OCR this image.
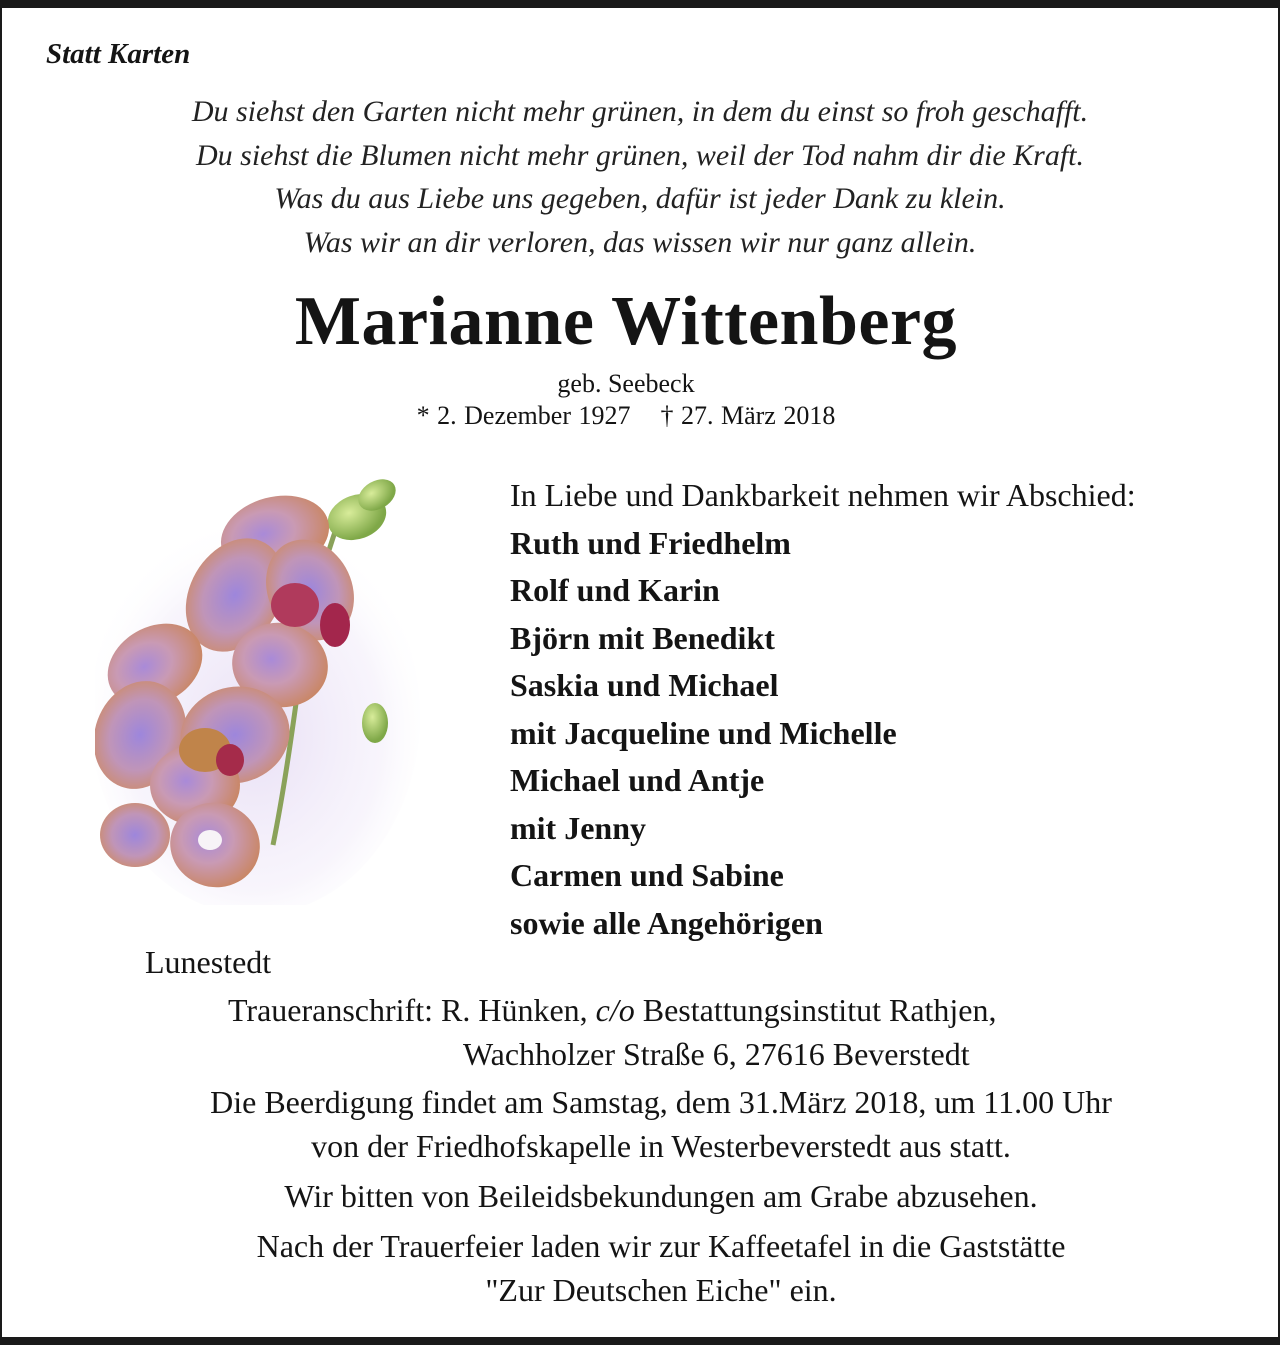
Statt Karten
Du siehst den Garten nicht mehr grünen, in dem du einst so froh geschafft.
Du siehst die Blumen nicht mehr grünen, weil der Tod nahm dir die Kraft.
Was du aus Liebe uns gegeben, dafür ist jeder Dank zu klein.
Was wir an dir verloren, das wissen wir nur ganz allein.
Marianne Wittenberg
geb. Seebeck
* 2. Dezember 1927 † 27. März 2018
In Liebe und Dankbarkeit nehmen wir Abschied:
Ruth und Friedhelm
Rolf und Karin
Björn mit Benedikt
Saskia und Michael
mit Jacqueline und Michelle
Michael und Antje
mit Jenny
Carmen und Sabine
sowie alle Angehörigen
Lunestedt
Traueranschrift: R. Hünken, c/o Bestattungsinstitut Rathjen,
Wachholzer Straße 6, 27616 Beverstedt
Die Beerdigung findet am Samstag, dem 31.März 2018, um 11.00 Uhr
von der Friedhofskapelle in Westerbeverstedt aus statt.
Wir bitten von Beileidsbekundungen am Grabe abzusehen.
Nach der Trauerfeier laden wir zur Kaffeetafel in die Gaststätte
"Zur Deutschen Eiche" ein.
